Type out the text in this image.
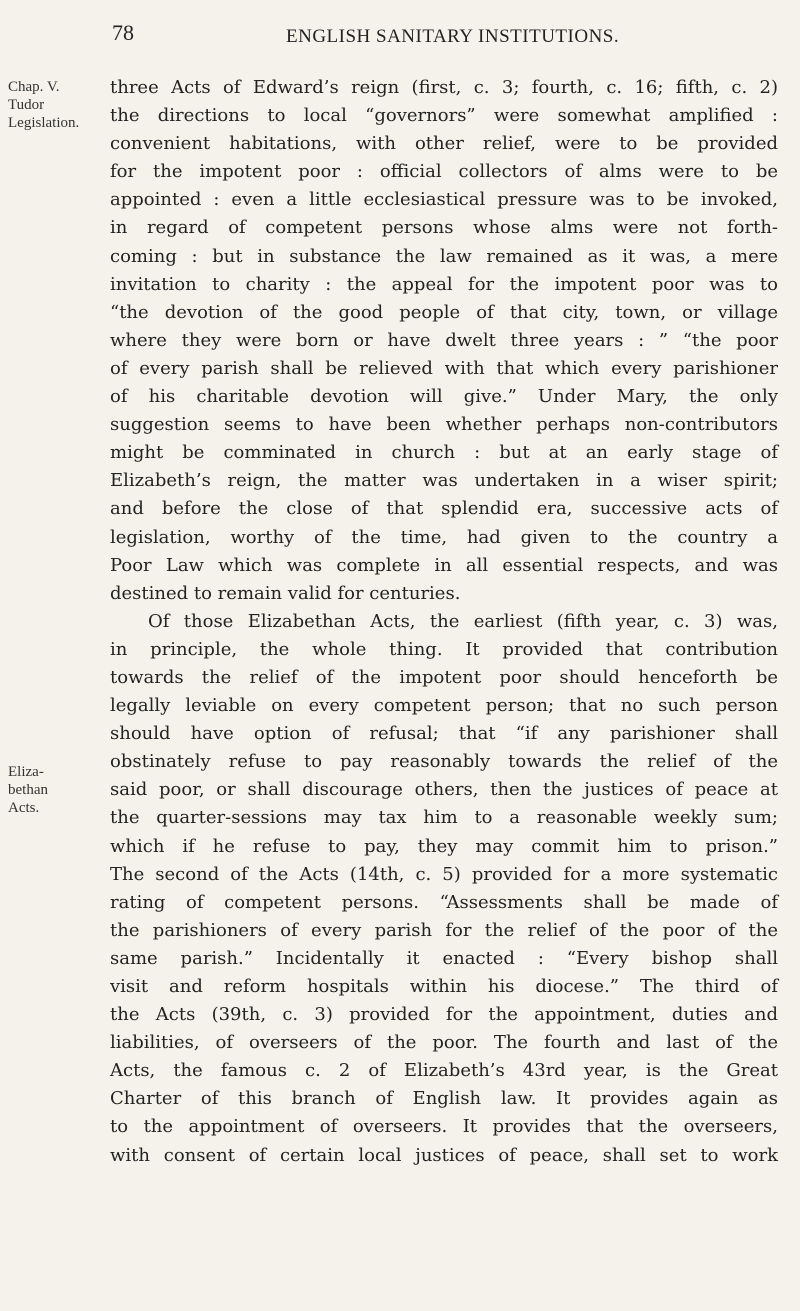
78	ENGLISH SANITARY INSTITUTIONS.
Chap. V.
Tudor
Legislation.
Eliza-
bethan
Acts.
three Acts of Edward’s reign (first, c. 3; fourth, c. 16; fifth, c. 2)
the directions to local “governors” were somewhat amplified :
convenient habitations, with other relief, were to be provided
for the impotent poor : official collectors of alms were to be
appointed : even a little ecclesiastical pressure was to be invoked,
in regard of competent persons whose alms were not forth-
coming : but in substance the law remained as it was, a mere
invitation to charity : the appeal for the impotent poor was to
“the devotion of the good people of that city, town, or village
where they were born or have dwelt three years : ” “the poor
of every parish shall be relieved with that which every parishioner
of his charitable devotion will give.” Under Mary, the only
suggestion seems to have been whether perhaps non-contributors
might be comminated in church : but at an early stage of
Elizabeth’s reign, the matter was undertaken in a wiser spirit;
and before the close of that splendid era, successive acts of
legislation, worthy of the time, had given to the country a
Poor Law which was complete in all essential respects, and was
destined to remain valid for centuries.
Of those Elizabethan Acts, the earliest (fifth year, c. 3) was,
in principle, the whole thing. It provided that contribution
towards the relief of the impotent poor should henceforth be
legally leviable on every competent person; that no such person
should have option of refusal; that “if any parishioner shall
obstinately refuse to pay reasonably towards the relief of the
said poor, or shall discourage others, then the justices of peace at
the quarter-sessions may tax him to a reasonable weekly sum;
which if he refuse to pay, they may commit him to prison.”
The second of the Acts (14th, c. 5) provided for a more systematic
rating of competent persons. “Assessments shall be made of
the parishioners of every parish for the relief of the poor of the
same parish.” Incidentally it enacted : “Every bishop shall
visit and reform hospitals within his diocese.” The third of
the Acts (39th, c. 3) provided for the appointment, duties and
liabilities, of overseers of the poor. The fourth and last of the
Acts, the famous c. 2 of Elizabeth’s 43rd year, is the Great
Charter of this branch of English law. It provides again as
to the appointment of overseers. It provides that the overseers,
with consent of certain local justices of peace, shall set to work
